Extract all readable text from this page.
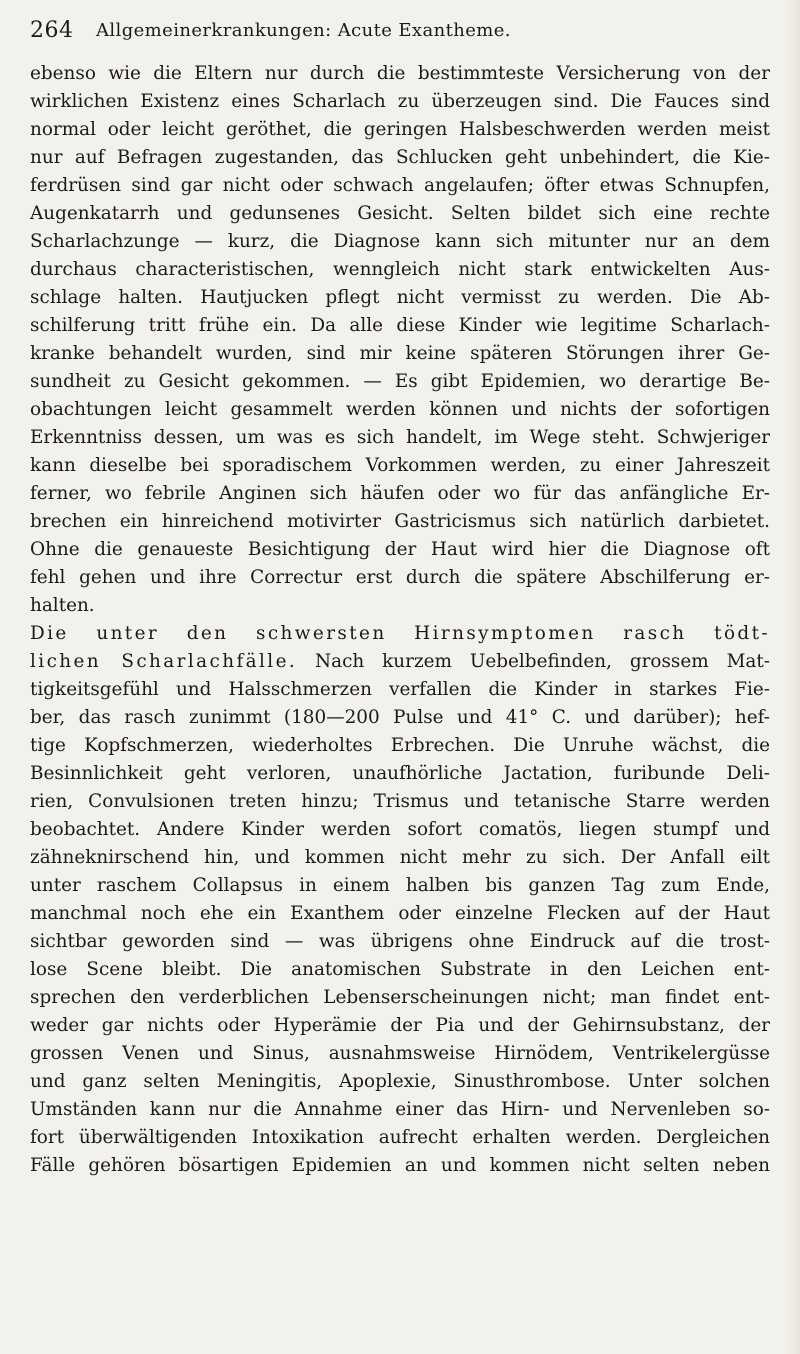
264 Allgemeinerkrankungen: Acute Exantheme.
ebenso wie die Eltern nur durch die bestimmteste Versicherung von der
wirklichen Existenz eines Scharlach zu überzeugen sind. Die Fauces sind
normal oder leicht geröthet, die geringen Halsbeschwerden werden meist
nur auf Befragen zugestanden, das Schlucken geht unbehindert, die Kie-
ferdrüsen sind gar nicht oder schwach angelaufen; öfter etwas Schnupfen,
Augenkatarrh und gedunsenes Gesicht. Selten bildet sich eine rechte
Scharlachzunge — kurz, die Diagnose kann sich mitunter nur an dem
durchaus characteristischen, wenngleich nicht stark entwickelten Aus-
schlage halten. Hautjucken pflegt nicht vermisst zu werden. Die Ab-
schilferung tritt frühe ein. Da alle diese Kinder wie legitime Scharlach-
kranke behandelt wurden, sind mir keine späteren Störungen ihrer Ge-
sundheit zu Gesicht gekommen. — Es gibt Epidemien, wo derartige Be-
obachtungen leicht gesammelt werden können und nichts der sofortigen
Erkenntniss dessen, um was es sich handelt, im Wege steht. Schwjeriger
kann dieselbe bei sporadischem Vorkommen werden, zu einer Jahreszeit
ferner, wo febrile Anginen sich häufen oder wo für das anfängliche Er-
brechen ein hinreichend motivirter Gastricismus sich natürlich darbietet.
Ohne die genaueste Besichtigung der Haut wird hier die Diagnose oft
fehl gehen und ihre Correctur erst durch die spätere Abschilferung er-
halten.
Die unter den schwersten Hirnsymptomen rasch tödt-
lichen Scharlachfälle. Nach kurzem Uebelbefinden, grossem Mat-
tigkeitsgefühl und Halsschmerzen verfallen die Kinder in starkes Fie-
ber, das rasch zunimmt (180—200 Pulse und 41° C. und darüber); hef-
tige Kopfschmerzen, wiederholtes Erbrechen. Die Unruhe wächst, die
Besinnlichkeit geht verloren, unaufhörliche Jactation, furibunde Deli-
rien, Convulsionen treten hinzu; Trismus und tetanische Starre werden
beobachtet. Andere Kinder werden sofort comatös, liegen stumpf und
zähneknirschend hin, und kommen nicht mehr zu sich. Der Anfall eilt
unter raschem Collapsus in einem halben bis ganzen Tag zum Ende,
manchmal noch ehe ein Exanthem oder einzelne Flecken auf der Haut
sichtbar geworden sind — was übrigens ohne Eindruck auf die trost-
lose Scene bleibt. Die anatomischen Substrate in den Leichen ent-
sprechen den verderblichen Lebenserscheinungen nicht; man findet ent-
weder gar nichts oder Hyperämie der Pia und der Gehirnsubstanz, der
grossen Venen und Sinus, ausnahmsweise Hirnödem, Ventrikelergüsse
und ganz selten Meningitis, Apoplexie, Sinusthrombose. Unter solchen
Umständen kann nur die Annahme einer das Hirn- und Nervenleben so-
fort überwältigenden Intoxikation aufrecht erhalten werden. Dergleichen
Fälle gehören bösartigen Epidemien an und kommen nicht selten neben
